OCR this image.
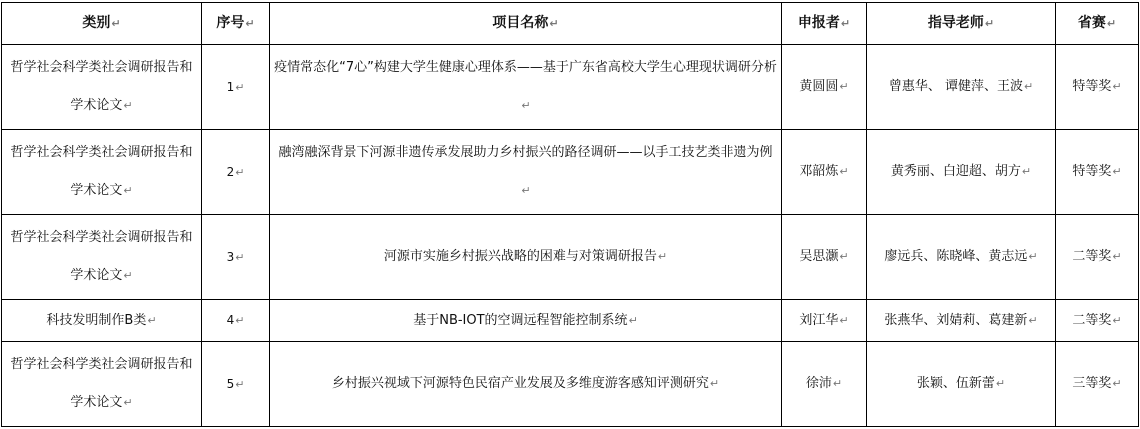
类别↵	序号↵	项目名称↵	申报者↵	指导老师↵	省赛↵
哲学社会科学类社会调研报告和学术论文↵	1↵	疫情常态化“7心”构建大学生健康心理体系——基于广东省高校大学生心理现状调研分析↵	黄圆圆↵	曾惠华、 谭健萍、王波↵	特等奖↵
哲学社会科学类社会调研报告和学术论文↵	2↵	融湾融深背景下河源非遗传承发展助力乡村振兴的路径调研——以手工技艺类非遗为例↵	邓韶炼↵	黄秀丽、白迎超、胡方↵	特等奖↵
哲学社会科学类社会调研报告和学术论文↵	3↵	河源市实施乡村振兴战略的困难与对策调研报告↵	吴思灏↵	廖远兵、陈晓峰、黄志远↵	二等奖↵
科技发明制作B类↵	4↵	基于NB-IOT的空调远程智能控制系统↵	刘江华↵	张燕华、刘婧莉、葛建新↵	二等奖↵
哲学社会科学类社会调研报告和学术论文↵	5↵	乡村振兴视域下河源特色民宿产业发展及多维度游客感知评测研究↵	徐沛↵	张颖、伍新蕾↵	三等奖↵
